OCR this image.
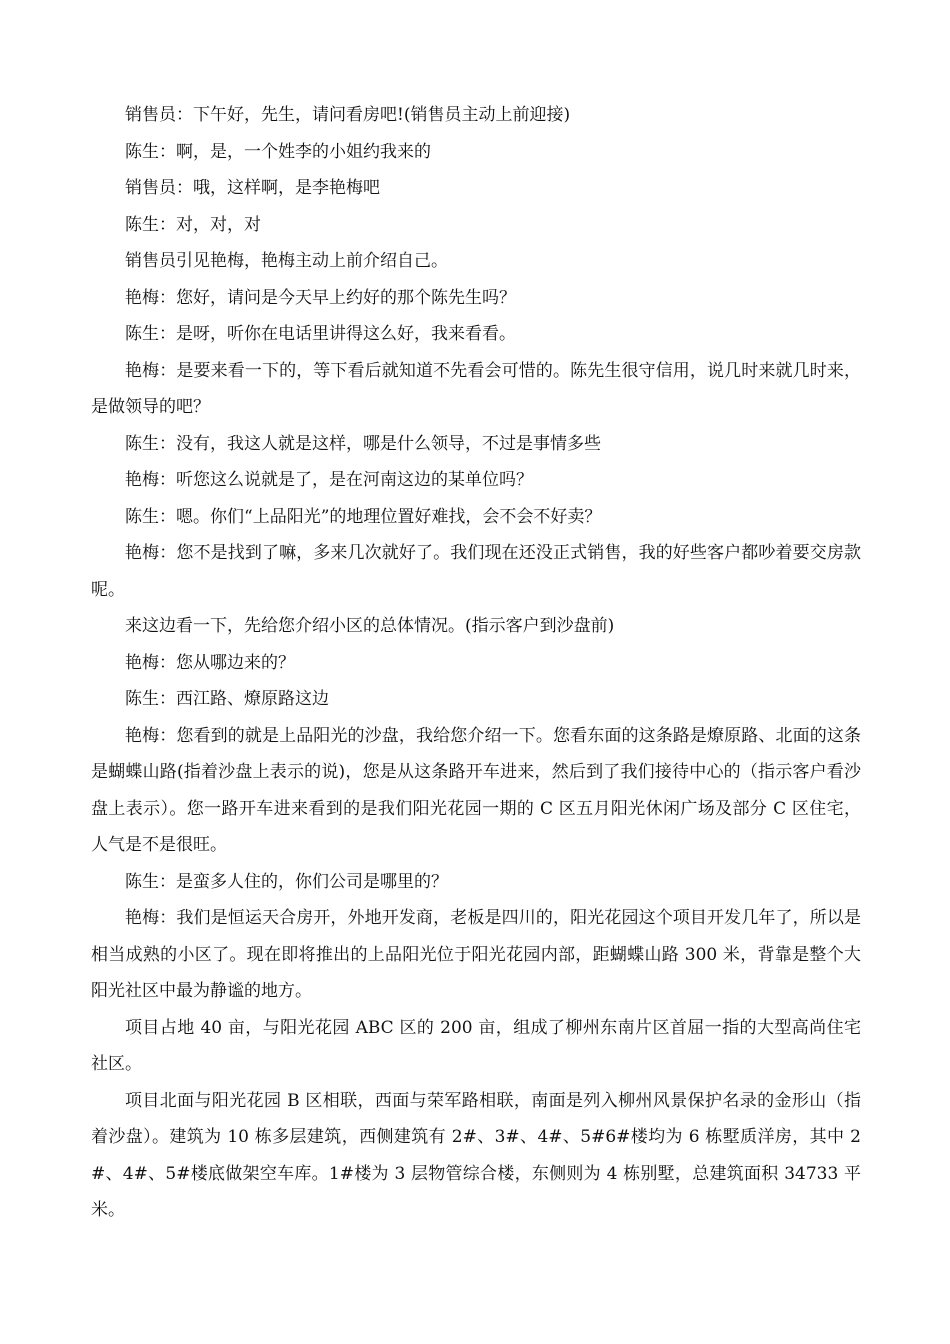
销售员：下午好，先生，请问看房吧!(销售员主动上前迎接)

陈生：啊，是，一个姓李的小姐约我来的

销售员：哦，这样啊，是李艳梅吧

陈生：对，对，对

销售员引见艳梅，艳梅主动上前介绍自己。

艳梅：您好，请问是今天早上约好的那个陈先生吗？

陈生：是呀，听你在电话里讲得这么好，我来看看。

艳梅：是要来看一下的，等下看后就知道不先看会可惜的。陈先生很守信用，说几时来就几时来，是做领导的吧？

陈生：没有，我这人就是这样，哪是什么领导，不过是事情多些

艳梅：听您这么说就是了，是在河南这边的某单位吗？

陈生：嗯。你们“上品阳光”的地理位置好难找，会不会不好卖？

艳梅：您不是找到了嘛，多来几次就好了。我们现在还没正式销售，我的好些客户都吵着要交房款呢。

来这边看一下，先给您介绍小区的总体情况。(指示客户到沙盘前)

艳梅：您从哪边来的？

陈生：西江路、燎原路这边

艳梅：您看到的就是上品阳光的沙盘，我给您介绍一下。您看东面的这条路是燎原路、北面的这条是蝴蝶山路(指着沙盘上表示的说)，您是从这条路开车进来，然后到了我们接待中心的（指示客户看沙盘上表示）。您一路开车进来看到的是我们阳光花园一期的 C 区五月阳光休闲广场及部分 C 区住宅，人气是不是很旺。

陈生：是蛮多人住的，你们公司是哪里的？

艳梅：我们是恒运天合房开，外地开发商，老板是四川的，阳光花园这个项目开发几年了，所以是相当成熟的小区了。现在即将推出的上品阳光位于阳光花园内部，距蝴蝶山路 300 米，背靠是整个大阳光社区中最为静谧的地方。

项目占地 40 亩，与阳光花园 ABC 区的 200 亩，组成了柳州东南片区首屈一指的大型高尚住宅社区。

项目北面与阳光花园 B 区相联，西面与荣军路相联，南面是列入柳州风景保护名录的金形山（指着沙盘）。建筑为 10 栋多层建筑，西侧建筑有 2#、3#、4#、5#6#楼均为 6 栋墅质洋房，其中 2#、4#、5#楼底做架空车库。1#楼为 3 层物管综合楼，东侧则为 4 栋别墅，总建筑面积 34733 平米。
